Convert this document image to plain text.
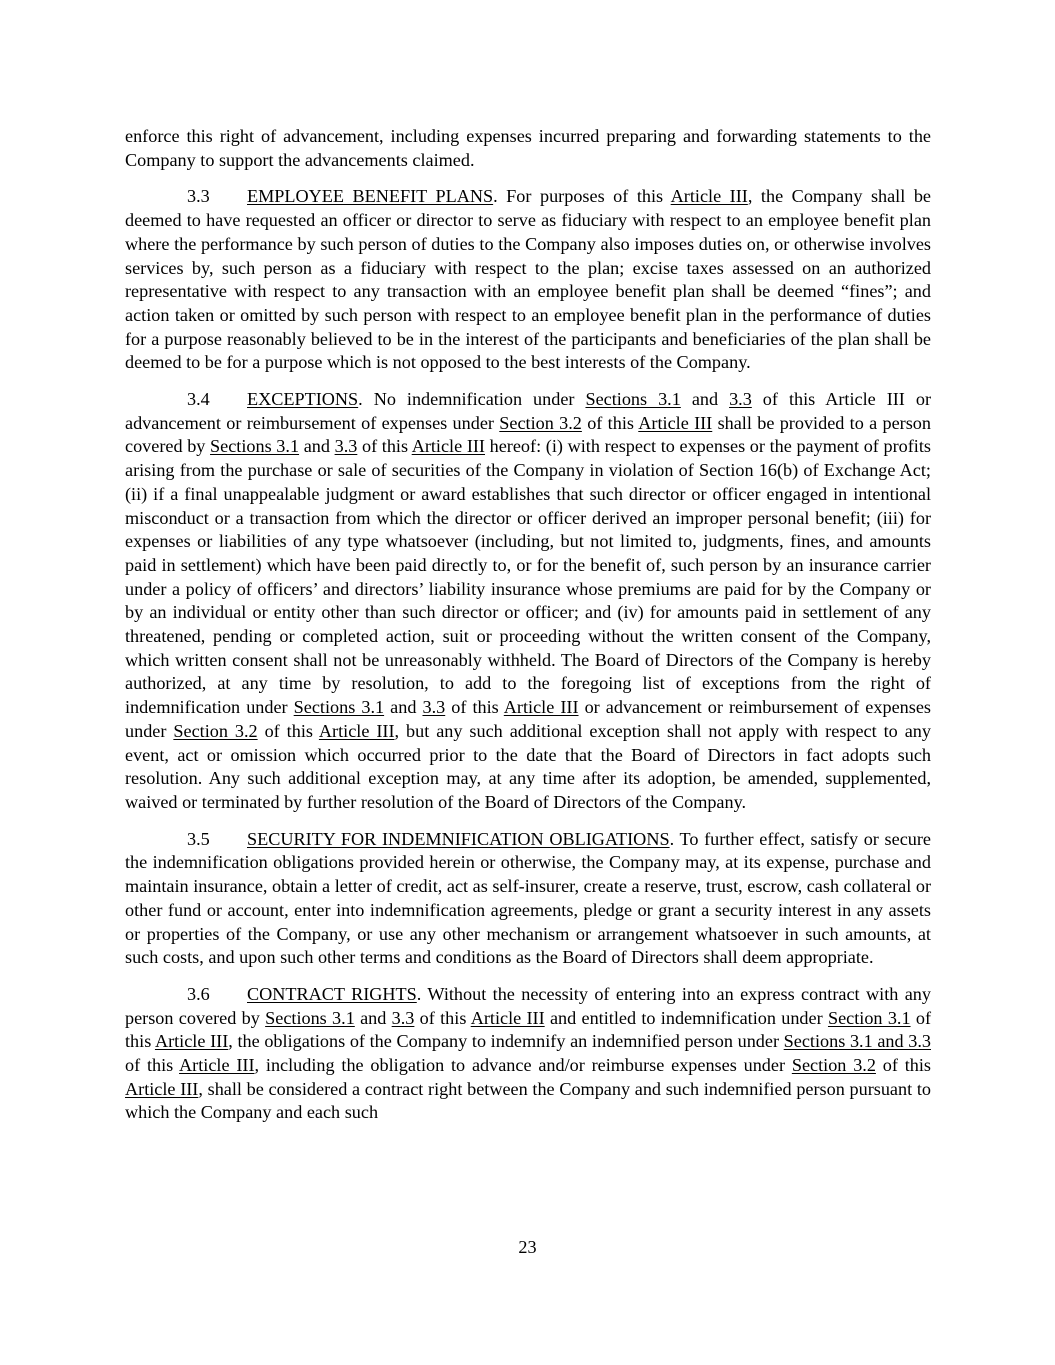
enforce this right of advancement, including expenses incurred preparing and forwarding statements to the Company to support the advancements claimed.

3.3 EMPLOYEE BENEFIT PLANS. For purposes of this Article III, the Company shall be deemed to have requested an officer or director to serve as fiduciary with respect to an employee benefit plan where the performance by such person of duties to the Company also imposes duties on, or otherwise involves services by, such person as a fiduciary with respect to the plan; excise taxes assessed on an authorized representative with respect to any transaction with an employee benefit plan shall be deemed “fines”; and action taken or omitted by such person with respect to an employee benefit plan in the performance of duties for a purpose reasonably believed to be in the interest of the participants and beneficiaries of the plan shall be deemed to be for a purpose which is not opposed to the best interests of the Company.

3.4 EXCEPTIONS. No indemnification under Sections 3.1 and 3.3 of this Article III or advancement or reimbursement of expenses under Section 3.2 of this Article III shall be provided to a person covered by Sections 3.1 and 3.3 of this Article III hereof: (i) with respect to expenses or the payment of profits arising from the purchase or sale of securities of the Company in violation of Section 16(b) of Exchange Act; (ii) if a final unappealable judgment or award establishes that such director or officer engaged in intentional misconduct or a transaction from which the director or officer derived an improper personal benefit; (iii) for expenses or liabilities of any type whatsoever (including, but not limited to, judgments, fines, and amounts paid in settlement) which have been paid directly to, or for the benefit of, such person by an insurance carrier under a policy of officers’ and directors’ liability insurance whose premiums are paid for by the Company or by an individual or entity other than such director or officer; and (iv) for amounts paid in settlement of any threatened, pending or completed action, suit or proceeding without the written consent of the Company, which written consent shall not be unreasonably withheld. The Board of Directors of the Company is hereby authorized, at any time by resolution, to add to the foregoing list of exceptions from the right of indemnification under Sections 3.1 and 3.3 of this Article III or advancement or reimbursement of expenses under Section 3.2 of this Article III, but any such additional exception shall not apply with respect to any event, act or omission which occurred prior to the date that the Board of Directors in fact adopts such resolution. Any such additional exception may, at any time after its adoption, be amended, supplemented, waived or terminated by further resolution of the Board of Directors of the Company.

3.5 SECURITY FOR INDEMNIFICATION OBLIGATIONS. To further effect, satisfy or secure the indemnification obligations provided herein or otherwise, the Company may, at its expense, purchase and maintain insurance, obtain a letter of credit, act as self-insurer, create a reserve, trust, escrow, cash collateral or other fund or account, enter into indemnification agreements, pledge or grant a security interest in any assets or properties of the Company, or use any other mechanism or arrangement whatsoever in such amounts, at such costs, and upon such other terms and conditions as the Board of Directors shall deem appropriate.

3.6 CONTRACT RIGHTS. Without the necessity of entering into an express contract with any person covered by Sections 3.1 and 3.3 of this Article III and entitled to indemnification under Section 3.1 of this Article III, the obligations of the Company to indemnify an indemnified person under Sections 3.1 and 3.3 of this Article III, including the obligation to advance and/or reimburse expenses under Section 3.2 of this Article III, shall be considered a contract right between the Company and such indemnified person pursuant to which the Company and each such

23
